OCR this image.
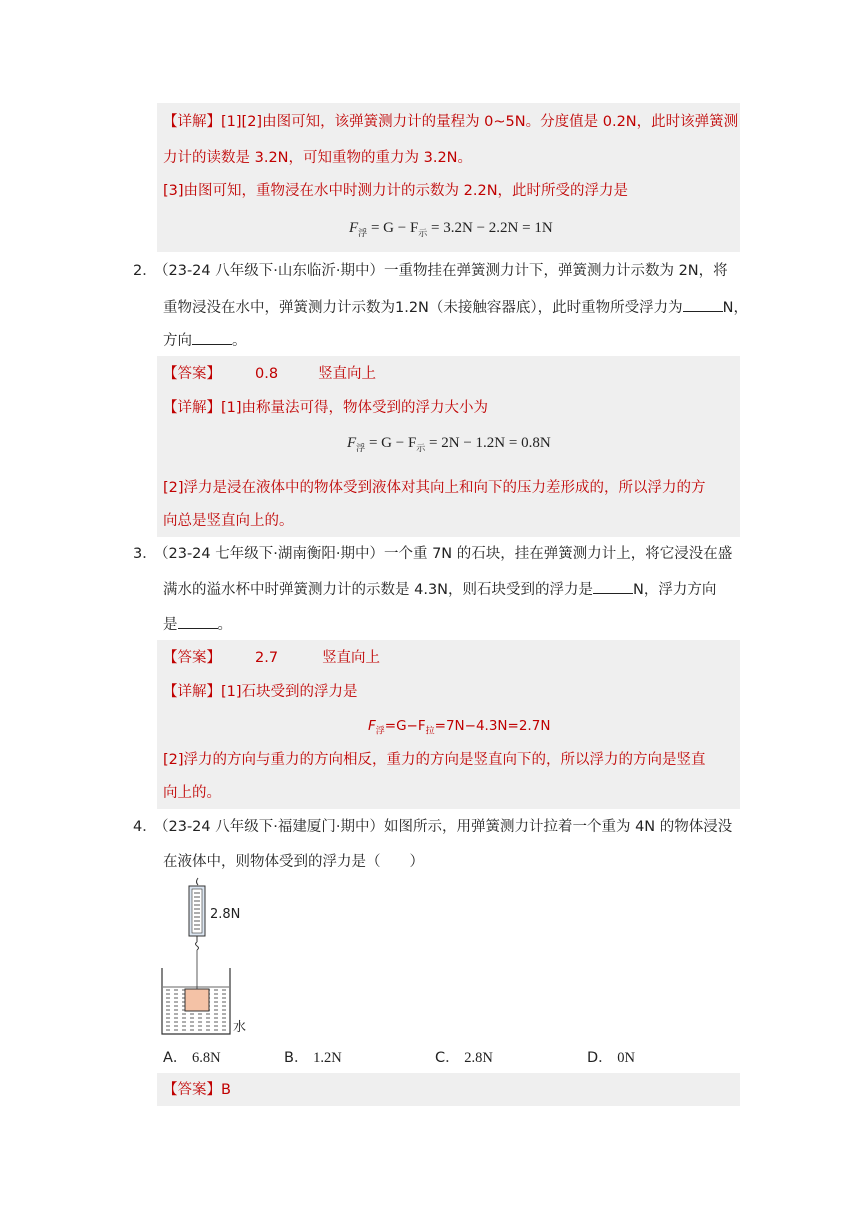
【详解】[1][2]由图可知，该弹簧测力计的量程为 0~5N。分度值是 0.2N，此时该弹簧测
力计的读数是 3.2N，可知重物的重力为 3.2N。
[3]由图可知，重物浸在水中时测力计的示数为 2.2N，此时所受的浮力是
$F_浮 = G - F_示 = 3.2N - 2.2N = 1N$
2．
（23-24 八年级下·山东临沂·期中）一重物挂在弹簧测力计下，弹簧测力计示数为 2N，将
重物浸没在水中，弹簧测力计示数为1.2N（未接触容器底），此时重物所受浮力为	N，
方向	。
【答案】 0.8	竖直向上
【详解】[1]由称量法可得，物体受到的浮力大小为
$F_浮 = G - F_示 = 2N - 1.2N = 0.8N$
[2]浮力是浸在液体中的物体受到液体对其向上和向下的压力差形成的，所以浮力的方
向总是竖直向上的。
3．
（23-24 七年级下·湖南衡阳·期中）一个重 7N 的石块，挂在弹簧测力计上，将它浸没在盛
满水的溢水杯中时弹簧测力计的示数是 4.3N，则石块受到的浮力是	N，浮力方向
是	。
【答案】 2.7	竖直向上
【详解】[1]石块受到的浮力是
$F_浮=G-F_拉=7N-4.3N=2.7N$
[2]浮力的方向与重力的方向相反，重力的方向是竖直向下的，所以浮力的方向是竖直
向上的。
4．
（23-24 八年级下·福建厦门·期中）如图所示，用弹簧测力计拉着一个重为 4N 的物体浸没
在液体中，则物体受到的浮力是（　　）
2.8N
水
A． 6.8N	B． 1.2N	C． 2.8N	D． 0N
【答案】B
